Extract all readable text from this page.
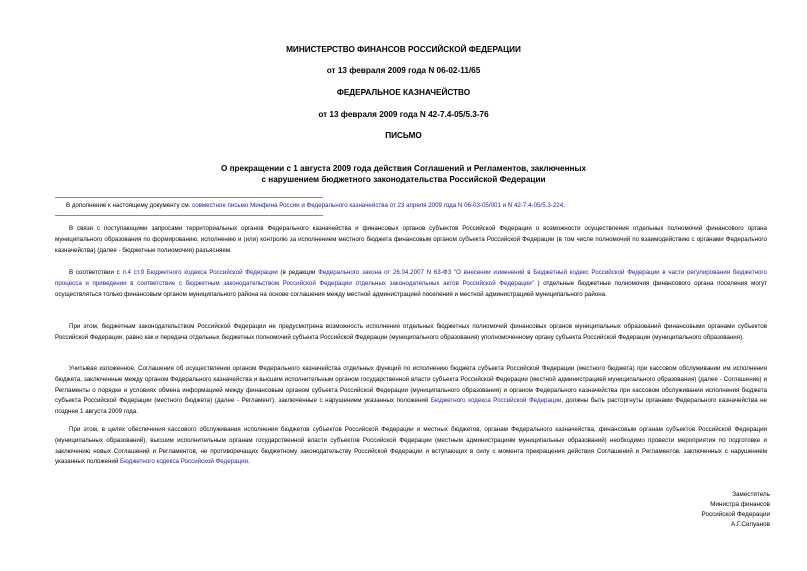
МИНИСТЕРСТВО ФИНАНСОВ РОССИЙСКОЙ ФЕДЕРАЦИИ
от 13 февраля 2009 года N 06-02-11/65
ФЕДЕРАЛЬНОЕ КАЗНАЧЕЙСТВО
от 13 февраля 2009 года N 42-7.4-05/5.3-76
ПИСЬМО
О прекращении с 1 августа 2009 года действия Соглашений и Регламентов, заключенных
с нарушением бюджетного законодательства Российской Федерации
В дополнение к настоящему документу см. совместное письмо Минфина России и Федерального казначейства от 23 апреля 2009 года N 06-03-05/001 и N 42-7.4-05/5.3-224.
В связи с поступающими запросами территориальных органов Федерального казначейства и финансовых органов субъектов Российской Федерации о возможности осуществления отдельных полномочий финансового органа муниципального образования по формированию, исполнению и (или) контролю за исполнением местного бюджета финансовым органом субъекта Российской Федерации (в том числе полномочий по взаимодействию с органами Федерального казначейства) (далее - бюджетные полномочия) разъясняем.
В соответствии с п.4 ст.9 Бюджетного кодекса Российской Федерации (в редакции Федерального закона от 26.04.2007 N 63-ФЗ "О внесении изменений в Бюджетный кодекс Российской Федерации в части регулирования бюджетного процесса и приведении в соответствие с бюджетным законодательством Российской Федерации отдельных законодательных актов Российской Федерации" ) отдельные бюджетные полномочия финансового органа поселения могут осуществляться только финансовым органом муниципального района на основе соглашения между местной администрацией поселения и местной администрацией муниципального района.
При этом, бюджетным законодательством Российской Федерации не предусмотрена возможность исполнения отдельных бюджетных полномочий финансовых органов муниципальных образований финансовыми органами субъектов Российской Федерации, равно как и передача отдельных бюджетных полномочий субъекта Российской Федерации (муниципального образования) уполномоченному органу субъекта Российской Федерации (муниципального образования).
Учитывая изложенное, Соглашения об осуществлении органом Федерального казначейства отдельных функций по исполнению бюджета субъекта Российской Федерации (местного бюджета) при кассовом обслуживании им исполнения бюджета, заключенные между органом Федерального казначейства и высшим исполнительным органом государственной власти субъекта Российской Федерации (местной администрацией муниципального образования) (далее - Соглашение) и Регламенты о порядке и условиях обмена информацией между финансовым органом субъекта Российской Федерации (муниципального образования) и органом Федерального казначейства при кассовом обслуживании исполнения бюджета субъекта Российской Федерации (местного бюджета) (далее - Регламент), заключенные с нарушением указанных положений Бюджетного кодекса Российской Федерации, должны быть расторгнуты органами Федерального казначейства не позднее 1 августа 2009 года.
При этом, в целях обеспечения кассового обслуживания исполнения бюджетов субъектов Российской Федерации и местных бюджетов, органам Федерального казначейства, финансовым органам субъектов Российской Федерации (муниципальных образований), высшим исполнительным органам государственной власти субъектов Российской Федерации (местным администрациям муниципальных образований) необходимо провести мероприятия по подготовке и заключению новых Соглашений и Регламентов, не противоречащих бюджетному законодательству Российской Федерации и вступающих в силу с момента прекращения действия Соглашений и Регламентов, заключенных с нарушением указанных положений Бюджетного кодекса Российской Федерации.
Заместитель
Министра финансов
Российской Федерации
А.Г.Силуанов
